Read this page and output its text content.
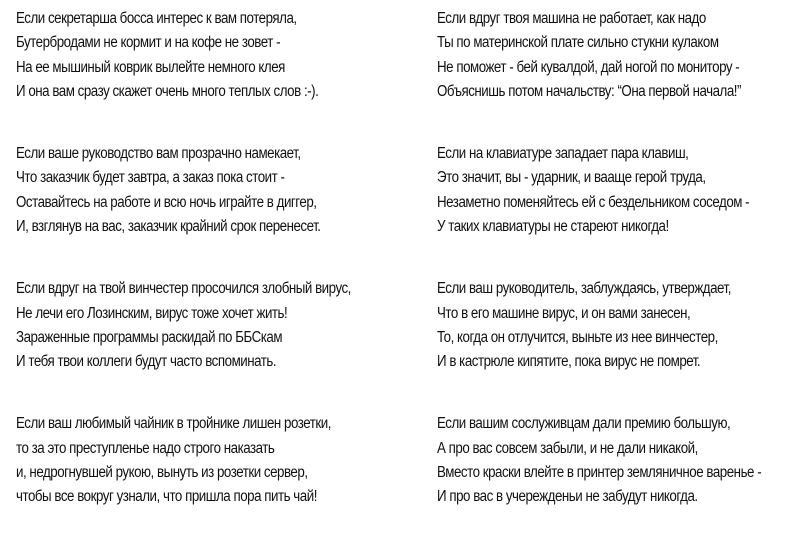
Если секретарша босса интерес к вам потеряла,
Бутербродами не кормит и на кофе не зовет -
На ее мышиный коврик вылейте немного клея
И она вам сразу скажет очень много теплых слов :-).
Если ваше руководство вам прозрачно намекает,
Что заказчик будет завтра, а заказ пока стоит -
Оставайтесь на работе и всю ночь играйте в диггер,
И, взглянув на вас, заказчик крайний срок перенесет.
Если вдруг на твой винчестер просочился злобный вирус,
Не лечи его Лозинским, вирус тоже хочет жить!
Зараженные программы раскидай по ББСкам
И тебя твои коллеги будут часто вспоминать.
Если ваш любимый чайник в тройнике лишен розетки,
то за это преступленье надо строго наказать
и, недрогнувшей рукою, вынуть из розетки сервер,
чтобы все вокруг узнали, что пришла пора пить чай!
Если вдруг твоя машина не работает, как надо
Ты по материнской плате сильно стукни кулаком
Не поможет - бей кувалдой, дай ногой по монитору -
Объяснишь потом начальству: “Она первой начала!”
Если на клавиатуре западает пара клавиш,
Это значит, вы - ударник, и вааще герой труда,
Незаметно поменяйтесь ей с бездельником соседом -
У таких клавиатуры не стареют никогда!
Если ваш руководитель, заблуждаясь, утверждает,
Что в его машине вирус, и он вами занесен,
То, когда он отлучится, выньте из нее винчестер,
И в кастрюле кипятите, пока вирус не помрет.
Если вашим сослуживцам дали премию большую,
А про вас совсем забыли, и не дали никакой,
Вместо краски влейте в принтер земляничное варенье -
И про вас в учережденьи не забудут никогда.
